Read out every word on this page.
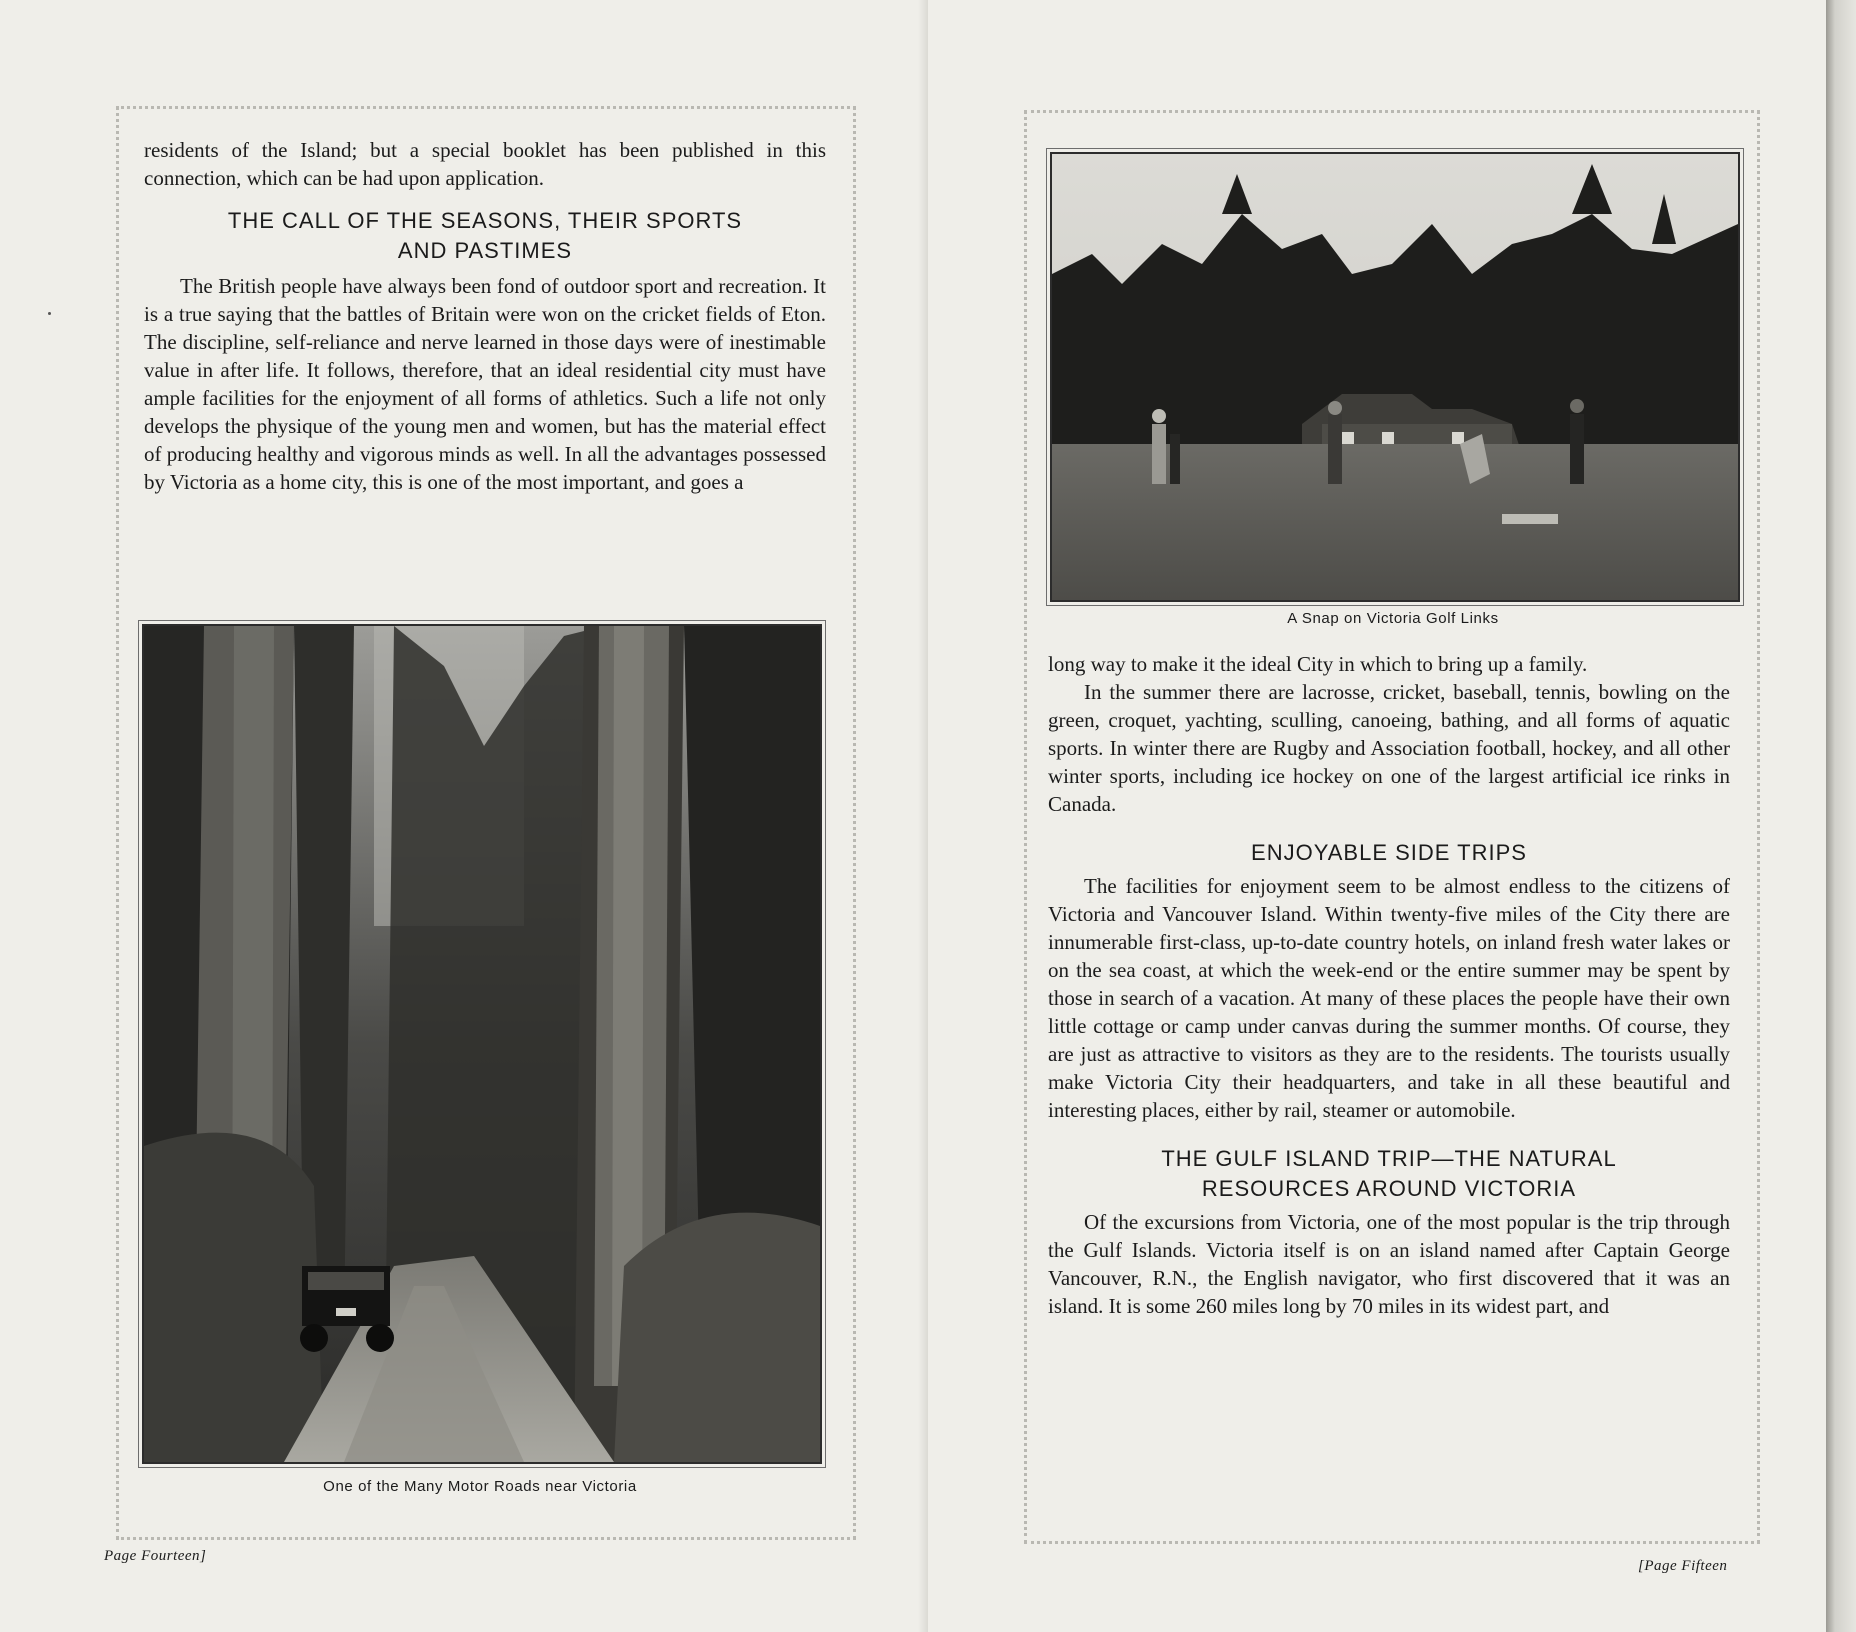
residents of the Island; but a special booklet has been published in this connection, which can be had upon application.

THE CALL OF THE SEASONS, THEIR SPORTS
AND PASTIMES

The British people have always been fond of outdoor sport and recreation. It is a true saying that the battles of Britain were won on the cricket fields of Eton. The discipline, self-reliance and nerve learned in those days were of inestimable value in after life. It follows, therefore, that an ideal residential city must have ample facilities for the enjoyment of all forms of athletics. Such a life not only develops the physique of the young men and women, but has the material effect of producing healthy and vigorous minds as well. In all the advantages possessed by Victoria as a home city, this is one of the most important, and goes a

One of the Many Motor Roads near Victoria
Page Fourteen]
A Snap on Victoria Golf Links

long way to make it the ideal City in which to bring up a family.

In the summer there are lacrosse, cricket, baseball, tennis, bowling on the green, croquet, yachting, sculling, canoeing, bathing, and all forms of aquatic sports. In winter there are Rugby and Association football, hockey, and all other winter sports, including ice hockey on one of the largest artificial ice rinks in Canada.

ENJOYABLE SIDE TRIPS

The facilities for enjoyment seem to be almost endless to the citizens of Victoria and Vancouver Island. Within twenty-five miles of the City there are innumerable first-class, up-to-date country hotels, on inland fresh water lakes or on the sea coast, at which the week-end or the entire summer may be spent by those in search of a vacation. At many of these places the people have their own little cottage or camp under canvas during the summer months. Of course, they are just as attractive to visitors as they are to the residents. The tourists usually make Victoria City their headquarters, and take in all these beautiful and interesting places, either by rail, steamer or automobile.

THE GULF ISLAND TRIP—THE NATURAL
RESOURCES AROUND VICTORIA

Of the excursions from Victoria, one of the most popular is the trip through the Gulf Islands. Victoria itself is on an island named after Captain George Vancouver, R.N., the English navigator, who first discovered that it was an island. It is some 260 miles long by 70 miles in its widest part, and

[Page Fifteen
